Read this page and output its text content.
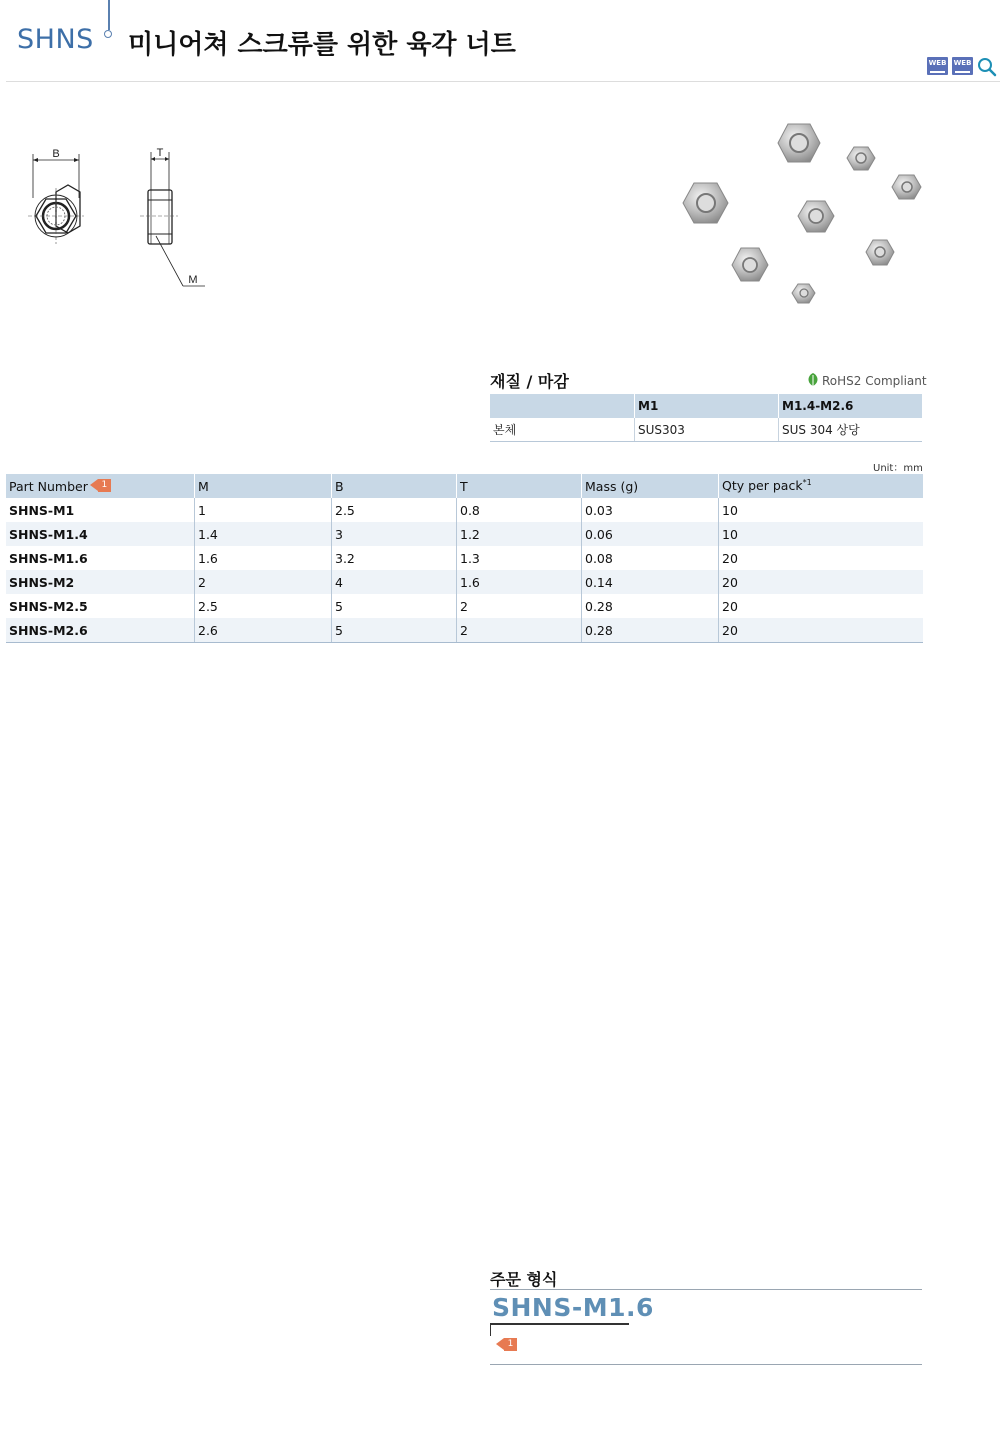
SHNS 미니어쳐 스크류를 위한 육각 너트
WEB WEB
B	T
M
재질 / 마감	RoHS2 Compliant
	M1	M1.4-M2.6
본체	SUS303	SUS 304 상당
Unit：mm
Part Number 1	M	B	T	Mass (g)	Qty per pack$^{*1}$
SHNS-M1	1	2.5	0.8	0.03	10
SHNS-M1.4	1.4	3	1.2	0.06	10
SHNS-M1.6	1.6	3.2	1.3	0.08	20
SHNS-M2	2	4	1.6	0.14	20
SHNS-M2.5	2.5	5	2	0.28	20
SHNS-M2.6	2.6	5	2	0.28	20
주문 형식
SHNS-M1.6
1
